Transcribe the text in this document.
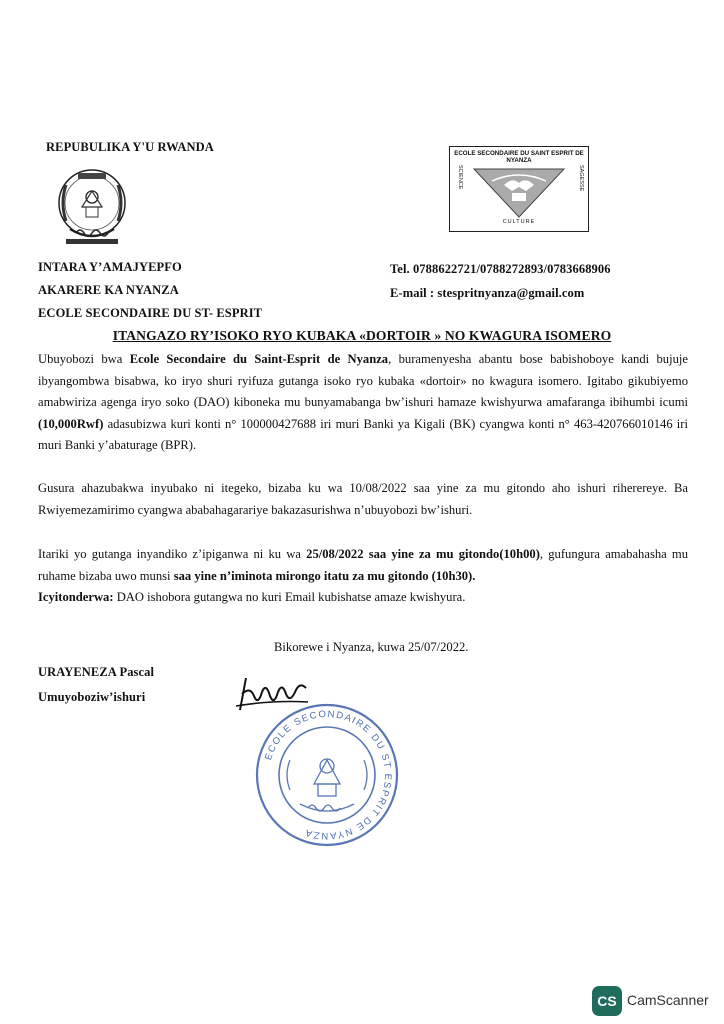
REPUBULIKA Y'U RWANDA
INTARA Y’AMAJYEPFO
AKARERE KA NYANZA
ECOLE SECONDAIRE DU ST- ESPRIT
ECOLE SECONDAIRE DU SAINT ESPRIT DE NYANZA
SCIENCE	SAGESSE
CULTURE
Tel. 0788622721/0788272893/0783668906
E-mail : stespritnyanza@gmail.com
ITANGAZO RY’ISOKO RYO KUBAKA «DORTOIR » NO KWAGURA ISOMERO

Ubuyobozi bwa Ecole Secondaire du Saint-Esprit de Nyanza, buramenyesha abantu bose babishoboye kandi bujuje ibyangombwa bisabwa, ko iryo shuri ryifuza gutanga isoko ryo kubaka «dortoir» no kwagura isomero. Igitabo gikubiyemo amabwiriza agenga iryo soko (DAO) kiboneka mu bunyamabanga bw’ishuri hamaze kwishyurwa amafaranga ibihumbi icumi (10,000Rwf) adasubizwa kuri konti n° 100000427688 iri muri Banki ya Kigali (BK) cyangwa konti n° 463-4207660101​46 iri muri Banki y’abaturage (BPR).

Gusura ahazubakwa inyubako ni itegeko, bizaba ku wa 10/08/2022 saa yine za mu gitondo aho ishuri riherereye. Ba Rwiyemezamirimo cyangwa ababahagarariye bakazasurishwa n’ubuyobozi bw’ishuri.

Itariki yo gutanga inyandiko z’ipiganwa ni ku wa 25/08/2022 saa yine za mu gitondo(10h00), gufungura amabahasha mu ruhame bizaba uwo munsi saa yine n’iminota mirongo itatu za mu gitondo (10h30).

Icyitonderwa: DAO ishobora gutangwa no kuri Email kubishatse amaze kwishyura.

Bikorewe i Nyanza, kuwa 25/07/2022.
URAYENEZA Pascal
Umuyoboziw’ishuri
ECOLE SECONDAIRE DU ST ESPRIT DE NYANZA
CS CamScanner
